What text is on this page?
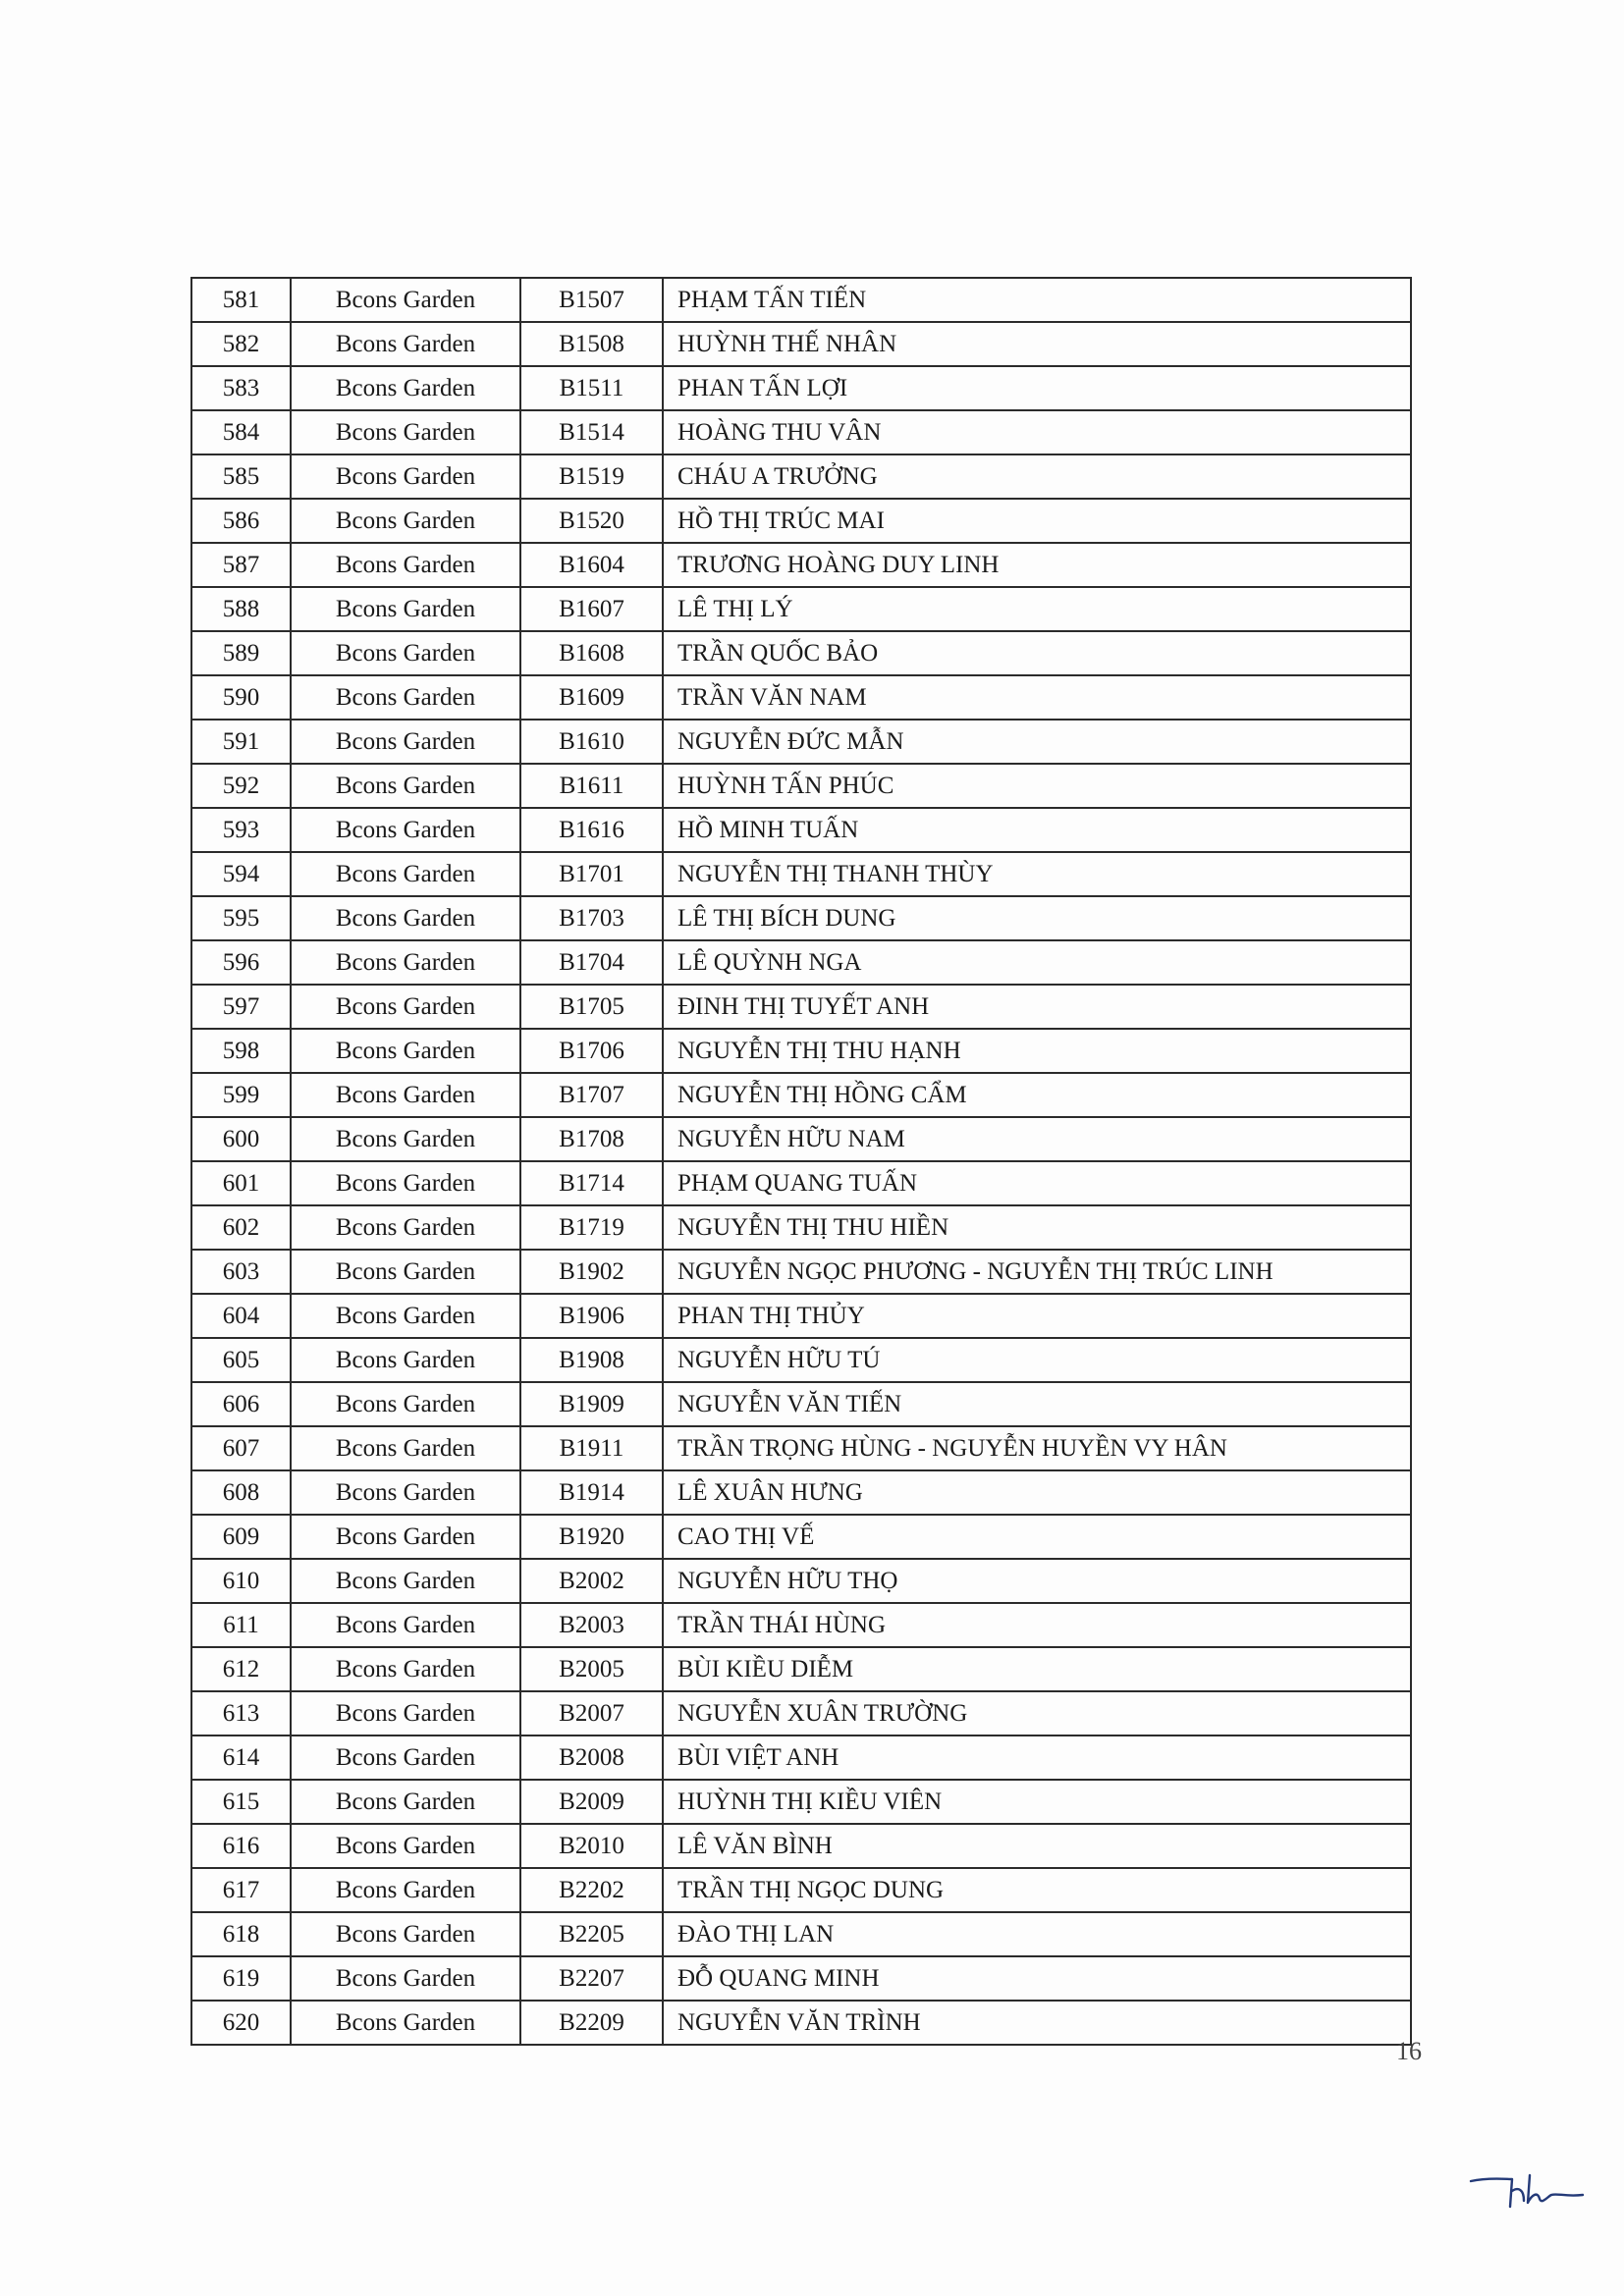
581	Bcons Garden	B1507	PHẠM TẤN TIẾN
582	Bcons Garden	B1508	HUỲNH THẾ NHÂN
583	Bcons Garden	B1511	PHAN TẤN LỢI
584	Bcons Garden	B1514	HOÀNG THU VÂN
585	Bcons Garden	B1519	CHÁU A TRƯỞNG
586	Bcons Garden	B1520	HỒ THỊ TRÚC MAI
587	Bcons Garden	B1604	TRƯƠNG HOÀNG DUY LINH
588	Bcons Garden	B1607	LÊ THỊ LÝ
589	Bcons Garden	B1608	TRẦN QUỐC BẢO
590	Bcons Garden	B1609	TRẦN VĂN NAM
591	Bcons Garden	B1610	NGUYỄN ĐỨC MẪN
592	Bcons Garden	B1611	HUỲNH TẤN PHÚC
593	Bcons Garden	B1616	HỒ MINH TUẤN
594	Bcons Garden	B1701	NGUYỄN THỊ THANH THÙY
595	Bcons Garden	B1703	LÊ THỊ BÍCH DUNG
596	Bcons Garden	B1704	LÊ QUỲNH NGA
597	Bcons Garden	B1705	ĐINH THỊ TUYẾT ANH
598	Bcons Garden	B1706	NGUYỄN THỊ THU HẠNH
599	Bcons Garden	B1707	NGUYỄN THỊ HỒNG CẨM
600	Bcons Garden	B1708	NGUYỄN HỮU NAM
601	Bcons Garden	B1714	PHẠM QUANG TUẤN
602	Bcons Garden	B1719	NGUYỄN THỊ THU HIỀN
603	Bcons Garden	B1902	NGUYỄN NGỌC PHƯƠNG - NGUYỄN THỊ TRÚC LINH
604	Bcons Garden	B1906	PHAN THỊ THỦY
605	Bcons Garden	B1908	NGUYỄN HỮU TÚ
606	Bcons Garden	B1909	NGUYỄN VĂN TIẾN
607	Bcons Garden	B1911	TRẦN TRỌNG HÙNG - NGUYỄN HUYỀN VY HÂN
608	Bcons Garden	B1914	LÊ XUÂN HƯNG
609	Bcons Garden	B1920	CAO THỊ VẾ
610	Bcons Garden	B2002	NGUYỄN HỮU THỌ
611	Bcons Garden	B2003	TRẦN THÁI HÙNG
612	Bcons Garden	B2005	BÙI KIỀU DIỄM
613	Bcons Garden	B2007	NGUYỄN XUÂN TRƯỜNG
614	Bcons Garden	B2008	BÙI VIỆT ANH
615	Bcons Garden	B2009	HUỲNH THỊ KIỀU VIÊN
616	Bcons Garden	B2010	LÊ VĂN BÌNH
617	Bcons Garden	B2202	TRẦN THỊ NGỌC DUNG
618	Bcons Garden	B2205	ĐÀO THỊ LAN
619	Bcons Garden	B2207	ĐỖ QUANG MINH
620	Bcons Garden	B2209	NGUYỄN VĂN TRÌNH
16
